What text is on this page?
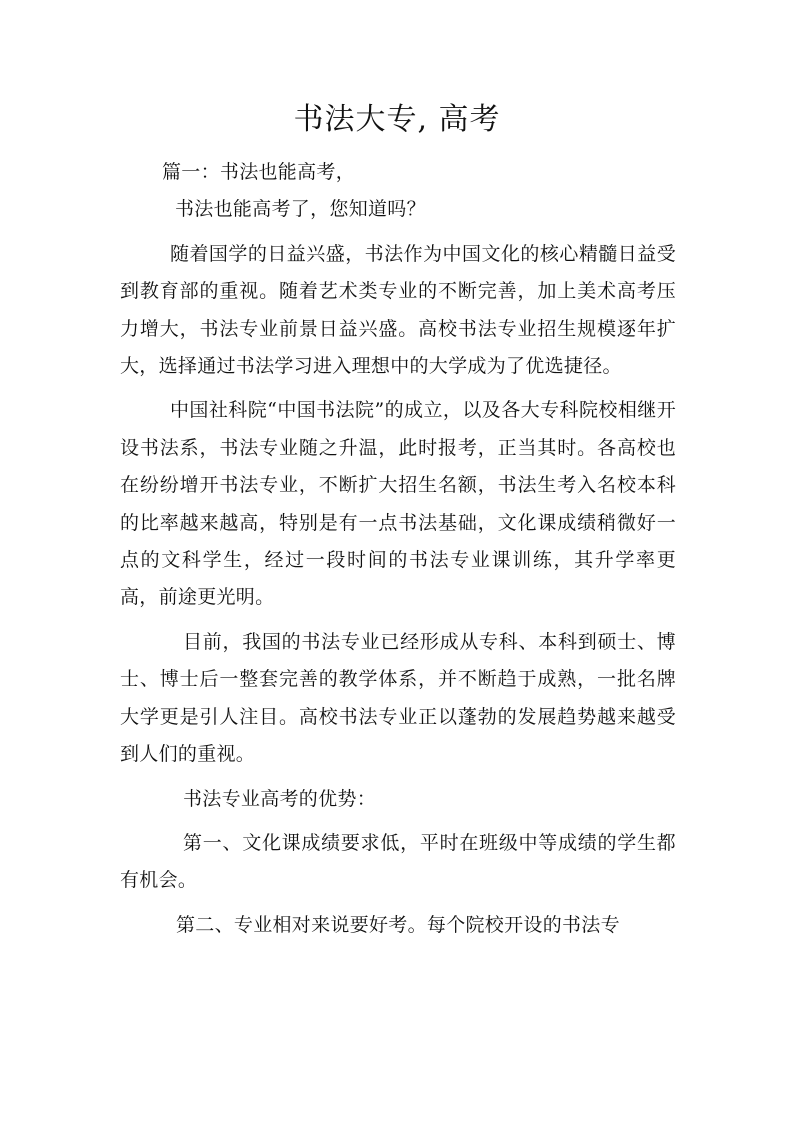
书法大专, 高考

篇一：书法也能高考，

书法也能高考了，您知道吗？

随着国学的日益兴盛，书法作为中国文化的核心精髓日益受到教育部的重视。随着艺术类专业的不断完善，加上美术高考压力增大，书法专业前景日益兴盛。高校书法专业招生规模逐年扩大，选择通过书法学习进入理想中的大学成为了优选捷径。

中国社科院“中国书法院”的成立，以及各大专科院校相继开设书法系，书法专业随之升温，此时报考，正当其时。各高校也在纷纷增开书法专业，不断扩大招生名额，书法生考入名校本科的比率越来越高，特别是有一点书法基础，文化课成绩稍微好一点的文科学生，经过一段时间的书法专业课训练，其升学率更高，前途更光明。

目前，我国的书法专业已经形成从专科、本科到硕士、博士、博士后一整套完善的教学体系，并不断趋于成熟，一批名牌大学更是引人注目。高校书法专业正以蓬勃的发展趋势越来越受到人们的重视。

书法专业高考的优势：

第一、文化课成绩要求低，平时在班级中等成绩的学生都有机会。

第二、专业相对来说要好考。每个院校开设的书法专
